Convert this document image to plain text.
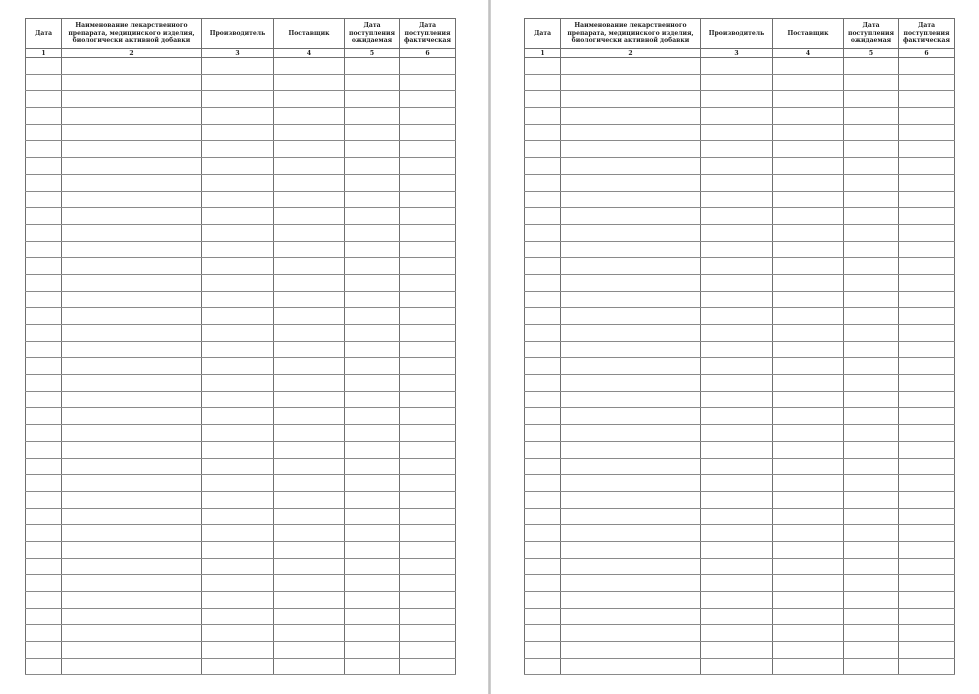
Дата	Наименование лекарственного
препарата, медицинского изделия,
биологически активной добавки	Производитель	Поставщик	Дата
поступления
ожидаемая	Дата
поступления
фактическая
1	2	3	4	5	6

Дата	Наименование лекарственного
препарата, медицинского изделия,
биологически активной добавки	Производитель	Поставщик	Дата
поступления
ожидаемая	Дата
поступления
фактическая
1	2	3	4	5	6
